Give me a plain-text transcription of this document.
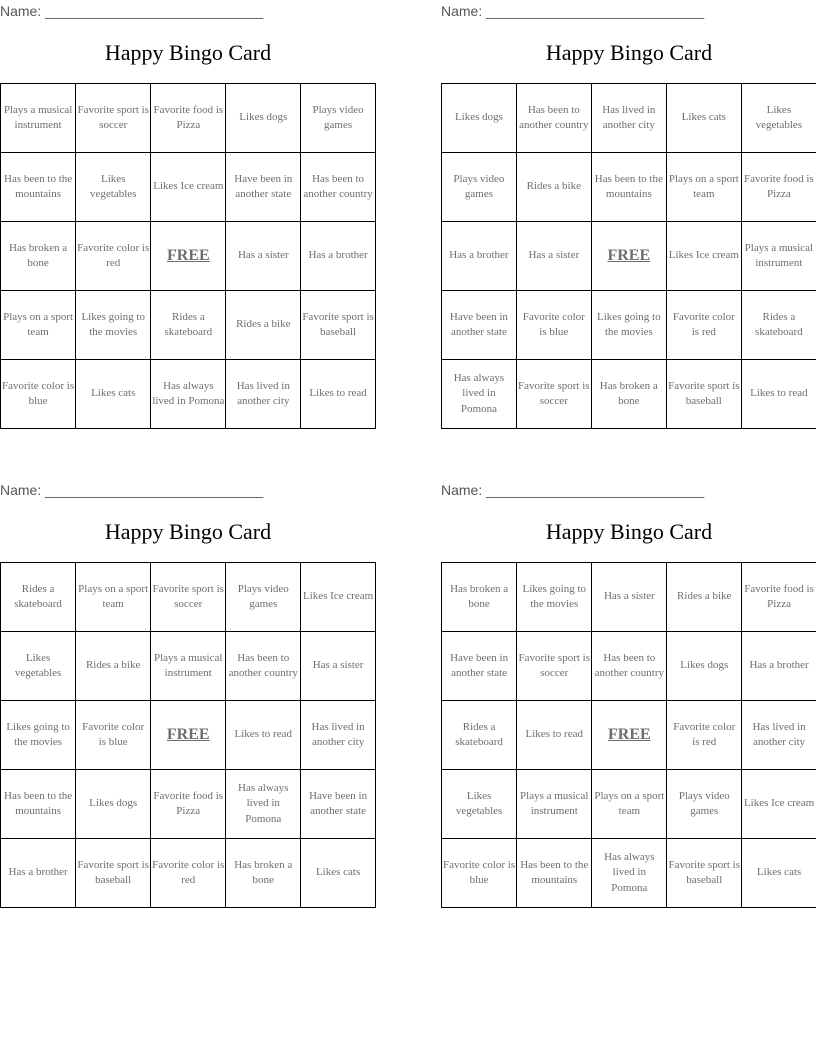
Name: ____________________________
Happy Bingo Card
Plays a musical instrument	Favorite sport is soccer	Favorite food is Pizza	Likes dogs	Plays video games
Has been to the mountains	Likes vegetables	Likes Ice cream	Have been in another state	Has been to another country
Has broken a bone	Favorite color is red	FREE	Has a sister	Has a brother
Plays on a sport team	Likes going to the movies	Rides a skateboard	Rides a bike	Favorite sport is baseball
Favorite color is blue	Likes cats	Has always lived in Pomona	Has lived in another city	Likes to read
Name: ____________________________
Happy Bingo Card
Likes dogs	Has been to another country	Has lived in another city	Likes cats	Likes vegetables
Plays video games	Rides a bike	Has been to the mountains	Plays on a sport team	Favorite food is Pizza
Has a brother	Has a sister	FREE	Likes Ice cream	Plays a musical instrument
Have been in another state	Favorite color is blue	Likes going to the movies	Favorite color is red	Rides a skateboard
Has always lived in Pomona	Favorite sport is soccer	Has broken a bone	Favorite sport is baseball	Likes to read
Name: ____________________________
Happy Bingo Card
Rides a skateboard	Plays on a sport team	Favorite sport is soccer	Plays video games	Likes Ice cream
Likes vegetables	Rides a bike	Plays a musical instrument	Has been to another country	Has a sister
Likes going to the movies	Favorite color is blue	FREE	Likes to read	Has lived in another city
Has been to the mountains	Likes dogs	Favorite food is Pizza	Has always lived in Pomona	Have been in another state
Has a brother	Favorite sport is baseball	Favorite color is red	Has broken a bone	Likes cats
Name: ____________________________
Happy Bingo Card
Has broken a bone	Likes going to the movies	Has a sister	Rides a bike	Favorite food is Pizza
Have been in another state	Favorite sport is soccer	Has been to another country	Likes dogs	Has a brother
Rides a skateboard	Likes to read	FREE	Favorite color is red	Has lived in another city
Likes vegetables	Plays a musical instrument	Plays on a sport team	Plays video games	Likes Ice cream
Favorite color is blue	Has been to the mountains	Has always lived in Pomona	Favorite sport is baseball	Likes cats
